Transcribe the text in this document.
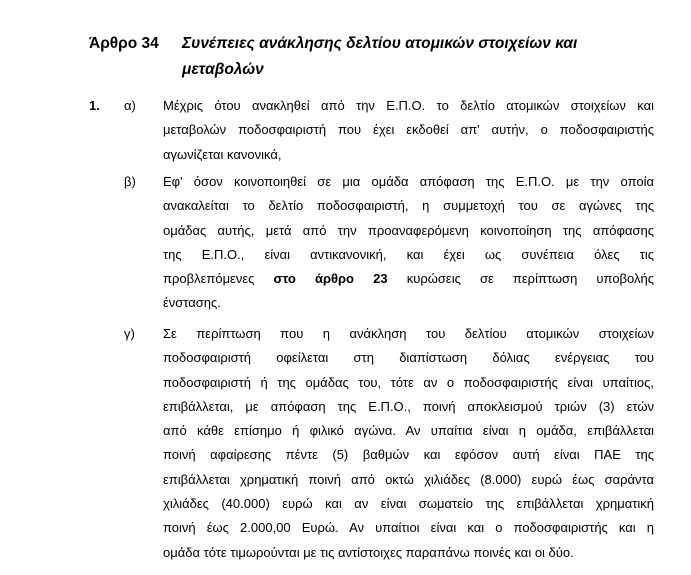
Άρθρο 34 Συνέπειες ανάκλησης δελτίου ατομικών στοιχείων και μεταβολών
1. α) Μέχρις ότου ανακληθεί από την Ε.Π.Ο. το δελτίο ατομικών στοιχείων και
μεταβολών ποδοσφαιριστή που έχει εκδοθεί απ' αυτήν, ο ποδοσφαιριστής
αγωνίζεται κανονικά,
β) Εφ' όσον κοινοποιηθεί σε μια ομάδα απόφαση της Ε.Π.Ο. με την οποία
ανακαλείται το δελτίο ποδοσφαιριστή, η συμμετοχή του σε αγώνες της
ομάδας αυτής, μετά από την προαναφερόμενη κοινοποίηση της απόφασης
της Ε.Π.Ο., είναι αντικανονική, και έχει ως συνέπεια όλες τις
προβλεπόμενες στο άρθρο 23 κυρώσεις σε περίπτωση υποβολής
ένστασης.
γ) Σε περίπτωση που η ανάκληση του δελτίου ατομικών στοιχείων
ποδοσφαιριστή οφείλεται στη διαπίστωση δόλιας ενέργειας του
ποδοσφαιριστή ή της ομάδας του, τότε αν ο ποδοσφαιριστής είναι υπαίτιος,
επιβάλλεται, με απόφαση της Ε.Π.Ο., ποινή αποκλεισμού τριών (3) ετών
από κάθε επίσημο ή φιλικό αγώνα. Αν υπαίτια είναι η ομάδα, επιβάλλεται
ποινή αφαίρεσης πέντε (5) βαθμών και εφόσον αυτή είναι ΠΑΕ της
επιβάλλεται χρηματική ποινή από οκτώ χιλιάδες (8.000) ευρώ έως σαράντα
χιλιάδες (40.000) ευρώ και αν είναι σωματείο της επιβάλλεται χρηματική
ποινή έως 2.000,00 Ευρώ. Αν υπαίτιοι είναι και ο ποδοσφαιριστής και η
ομάδα τότε τιμωρούνται με τις αντίστοιχες παραπάνω ποινές και οι δύο.
